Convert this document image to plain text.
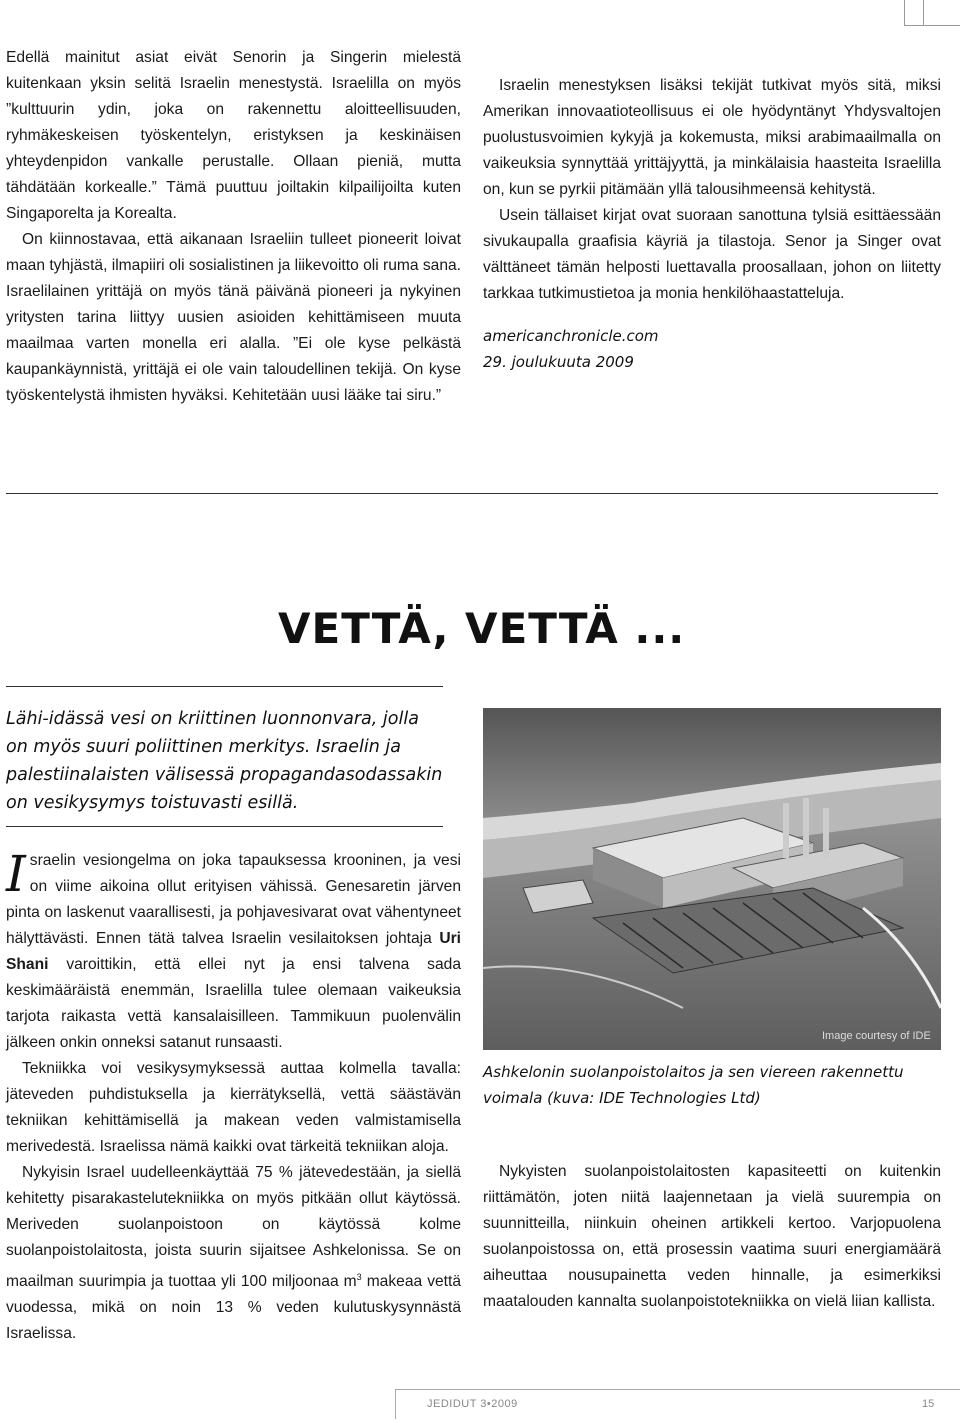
Edellä mainitut asiat eivät Senorin ja Singerin mielestä kuitenkaan yksin selitä Israelin menestystä. Israelilla on myös ”kulttuurin ydin, joka on rakennettu aloitteellisuuden, ryhmäkeskeisen työskentelyn, eristyksen ja keskinäisen yhteydenpidon vankalle perustalle. Ollaan pieniä, mutta tähdätään korkealle.” Tämä puuttuu joiltakin kilpailijoilta kuten Singaporelta ja Korealta.

On kiinnostavaa, että aikanaan Israeliin tulleet pioneerit loivat maan tyhjästä, ilmapiiri oli sosialistinen ja liikevoitto oli ruma sana. Israelilainen yrittäjä on myös tänä päivänä pioneeri ja nykyinen yritysten tarina liittyy uusien asioiden kehittämiseen muuta maailmaa varten monella eri alalla. ”Ei ole kyse pelkästä kaupankäynnistä, yrittäjä ei ole vain taloudellinen tekijä. On kyse työskentelystä ihmisten hyväksi. Kehitetään uusi lääke tai siru.”

Israelin menestyksen lisäksi tekijät tutkivat myös sitä, miksi Amerikan innovaatioteollisuus ei ole hyödyntänyt Yhdysvaltojen puolustusvoimien kykyjä ja kokemusta, miksi arabimaailmalla on vaikeuksia synnyttää yrittäjyyttä, ja minkälaisia haasteita Israelilla on, kun se pyrkii pitämään yllä talousihmeensä kehitystä.

Usein tällaiset kirjat ovat suoraan sanottuna tylsiä esittäessään sivukaupalla graafisia käyriä ja tilastoja. Senor ja Singer ovat välttäneet tämän helposti luettavalla proosallaan, johon on liitetty tarkkaa tutkimustietoa ja monia henkilöhaastatteluja.

americanchronicle.com

29. joulukuuta 2009

VETTÄ, VETTÄ ...

Lähi-idässä vesi on kriittinen luonnonvara, jolla on myös suuri poliittinen merkitys. Israelin ja palestiinalaisten välisessä propagandasodassakin on vesikysymys toistuvasti esillä.

Israelin vesiongelma on joka tapauksessa krooninen, ja vesi on viime aikoina ollut erityisen vähissä. Genesaretin järven pinta on laskenut vaarallisesti, ja pohjavesivarat ovat vähentyneet hälyttävästi. Ennen tätä talvea Israelin vesilaitoksen johtaja Uri Shani varoittikin, että ellei nyt ja ensi talvena sada keskimääräistä enemmän, Israelilla tulee olemaan vaikeuksia tarjota raikasta vettä kansalaisilleen. Tammikuun puolenvälin jälkeen onkin onneksi satanut runsaasti.

Tekniikka voi vesikysymyksessä auttaa kolmella tavalla: jäteveden puhdistuksella ja kierrätyksellä, vettä säästävän tekniikan kehittämisellä ja makean veden valmistamisella merivedestä. Israelissa nämä kaikki ovat tärkeitä tekniikan aloja.

Nykyisin Israel uudelleenkäyttää 75 % jätevedestään, ja siellä kehitetty pisarakastelutekniikka on myös pitkään ollut käytössä. Meriveden suolanpoistoon on käytössä kolme suolanpoistolaitosta, joista suurin sijaitsee Ashkelonissa. Se on maailman suurimpia ja tuottaa yli 100 miljoonaa $m^3$ makeaa vettä vuodessa, mikä on noin 13 % veden kulutuskysynnästä Israelissa.

Image courtesy of IDE

Ashkelonin suolanpoistolaitos ja sen viereen rakennettu voimala (kuva: IDE Technologies Ltd)

Nykyisten suolanpoistolaitosten kapasiteetti on kuitenkin riittämätön, joten niitä laajennetaan ja vielä suurempia on suunnitteilla, niinkuin oheinen artikkeli kertoo. Varjopuolena suolanpoistossa on, että prosessin vaatima suuri energiamäärä aiheuttaa nousupainetta veden hinnalle, ja esimerkiksi maatalouden kannalta suolanpoistotekniikka on vielä liian kallista.

JEDIDUT 3•2009	15
